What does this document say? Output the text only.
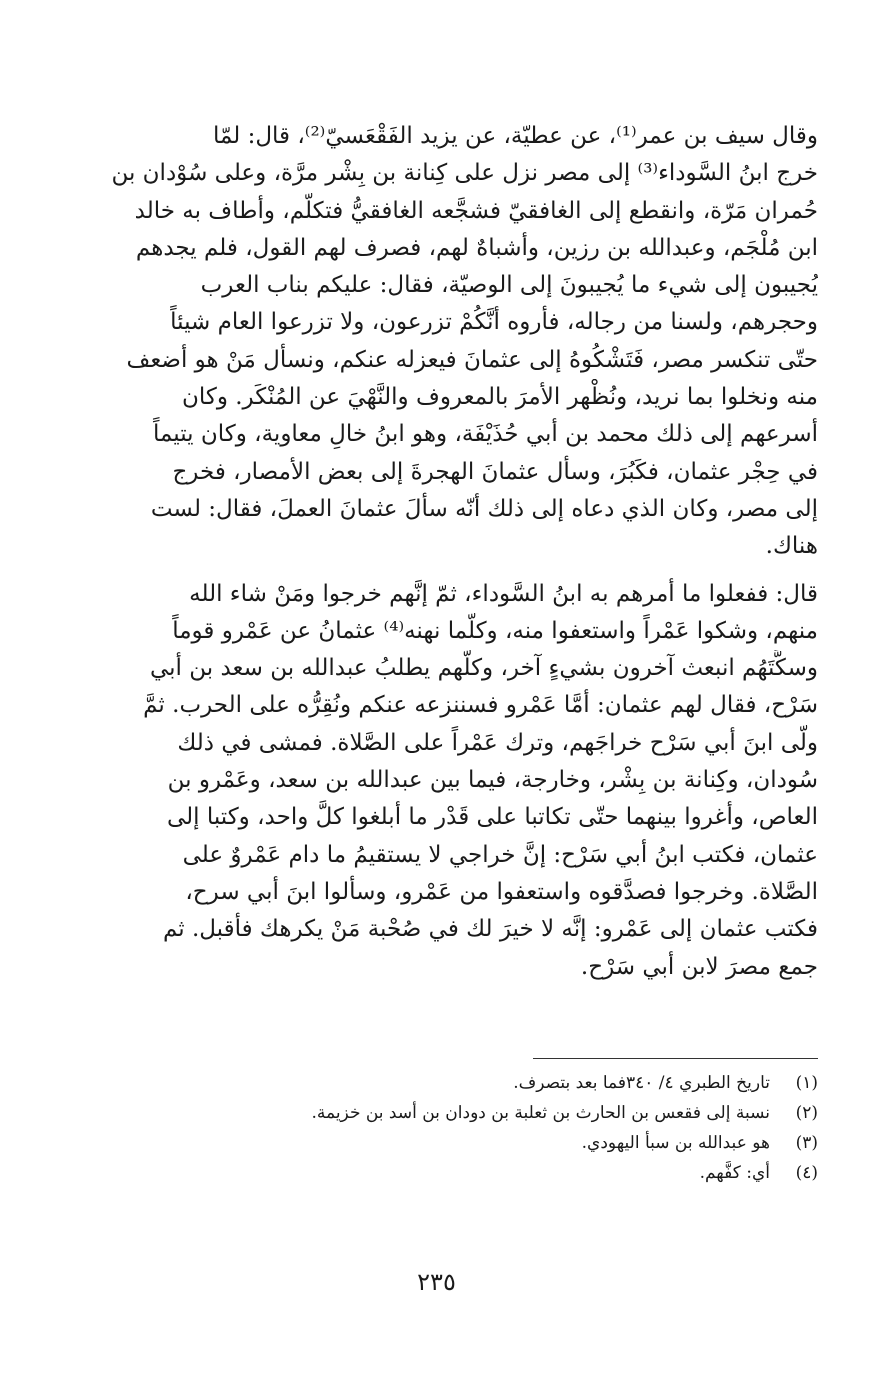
وقال سيف بن عمر⁽¹⁾، عن عطيّة، عن يزيد الفَقْعَسيّ⁽²⁾، قال: لمّا
خرج ابنُ السَّوداء⁽³⁾ إلى مصر نزل على كِنانة بن بِشْر مرَّة، وعلى سُوْدان بن
حُمران مَرّة، وانقطع إلى الغافقيّ فشجَّعه الغافقيُّ فتكلَّم، وأطاف به خالد
ابن مُلْجَم، وعبدالله بن رزين، وأشباهٌ لهم، فصرف لهم القول، فلم يجدهم
يُجيبون إلى شيء ما يُجيبونَ إلى الوصيّة، فقال: عليكم بناب العرب
وحجرهم، ولسنا من رجاله، فأروه أنَّكُمْ تزرعون، ولا تزرعوا العام شيئاً
حتّى تنكسر مصر، فَتَشْكُوهُ إلى عثمانَ فيعزله عنكم، ونسأل مَنْ هو أضعف
منه ونخلوا بما نريد، ونُظْهر الأمرَ بالمعروف والنَّهْيَ عن المُنْكَر. وكان
أسرعهم إلى ذلك محمد بن أبي حُذَيْفَة، وهو ابنُ خالِ معاوية، وكان يتيماً
في حِجْر عثمان، فكَبُرَ، وسأل عثمانَ الهجرةَ إلى بعض الأمصار، فخرج
إلى مصر، وكان الذي دعاه إلى ذلك أنّه سألَ عثمانَ العملَ، فقال: لست
هناك.

قال: ففعلوا ما أمرهم به ابنُ السَّوداء، ثمّ إنَّهم خرجوا ومَنْ شاء الله
منهم، وشكوا عَمْراً واستعفوا منه، وكلّما نهنه⁽⁴⁾ عثمانُ عن عَمْرو قوماً
وسكَّتَهُم انبعث آخرون بشيءٍ آخر، وكلُّهم يطلبُ عبدالله بن سعد بن أبي
سَرْح، فقال لهم عثمان: أمَّا عَمْرو فسننزعه عنكم ونُقِرُّه على الحرب. ثمَّ
ولّى ابنَ أبي سَرْح خراجَهم، وترك عَمْراً على الصَّلاة. فمشى في ذلك
سُودان، وكِنانة بن بِشْر، وخارجة، فيما بين عبدالله بن سعد، وعَمْرو بن
العاص، وأغروا بينهما حتّى تكاتبا على قَدْر ما أبلغوا كلَّ واحد، وكتبا إلى
عثمان، فكتب ابنُ أبي سَرْح: إنَّ خراجي لا يستقيمُ ما دام عَمْروٌ على
الصَّلاة. وخرجوا فصدَّقوه واستعفوا من عَمْرو، وسألوا ابنَ أبي سرح،
فكتب عثمان إلى عَمْرو: إنَّه لا خيرَ لك في صُحْبة مَنْ يكرهك فأقبل. ثم
جمع مصرَ لابن أبي سَرْح.

(١)
تاريخ الطبري ٤/ ٣٤٠فما بعد بتصرف.
(٢)
نسبة إلى فقعس بن الحارث بن ثعلبة بن دودان بن أسد بن خزيمة.
(٣)
هو عبدالله بن سبأ اليهودي.
(٤)
أي: كفَّهم.
٢٣٥
